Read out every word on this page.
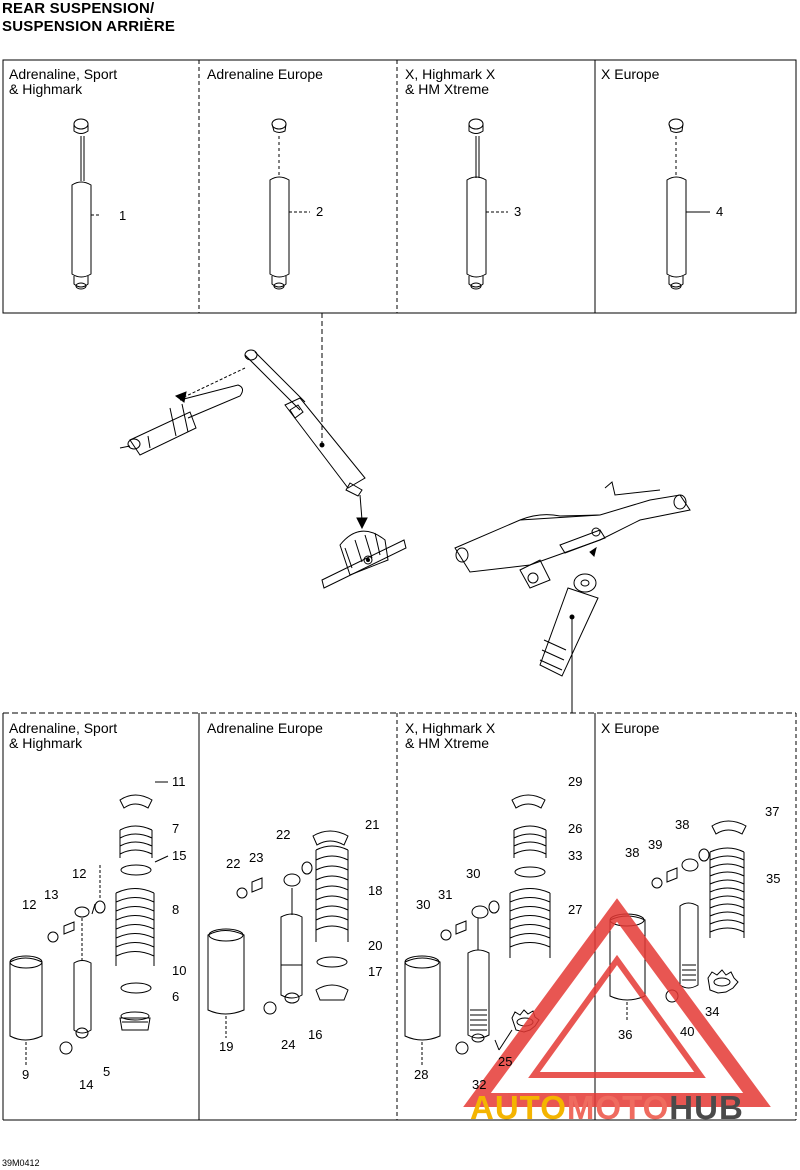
REAR SUSPENSION/
SUSPENSION ARRIÈRE
Adrenaline, Sport
& Highmark
Adrenaline Europe	X, Highmark X
& HM Xtreme
X Europe
1	2	3	4
Adrenaline, Sport
& Highmark
Adrenaline Europe	X, Highmark X
& HM Xtreme
X Europe
11
7
15
8
10
6
12
12
13
9
14
5
21
22
22 23
18
20
17
19	24
16
29
26
33
27
30
30
31
28
32
25
37
38
38
39
35
36	40
34
AUTOMOTOHUB
39M0412
